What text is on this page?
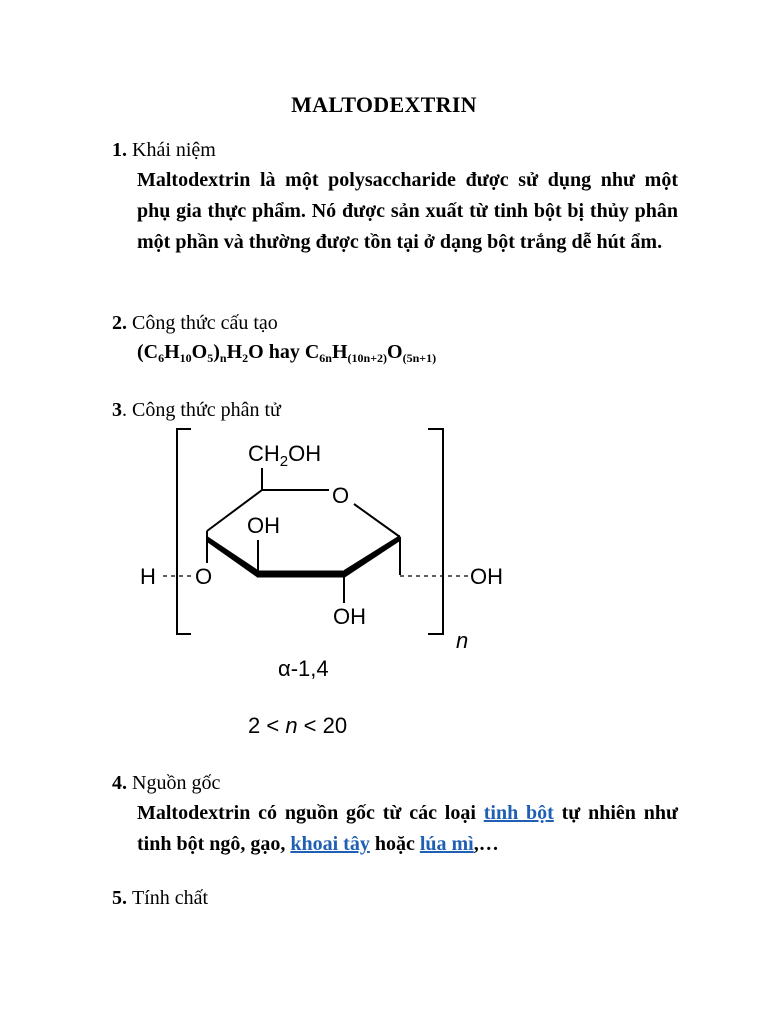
MALTODEXTRIN
1. Khái niệm
Maltodextrin là một polysaccharide được sử dụng như một phụ gia thực phẩm. Nó được sản xuất từ tinh bột bị thủy phân một phần và thường được tồn tại ở dạng bột trắng dễ hút ẩm.
2. Công thức cấu tạo
$(C_6H_{10}O_5)_nH_2O$ hay $C_{6n}H_{(10n+2)}O_{(5n+1)}$
3. Công thức phân tử
$CH_2OH$
O
OH
OH
H O	OH
n
α-1,4
2 < n < 20
4. Nguồn gốc
Maltodextrin có nguồn gốc từ các loại tinh bột tự nhiên như tinh bột ngô, gạo, khoai tây hoặc lúa mì,…
5. Tính chất
